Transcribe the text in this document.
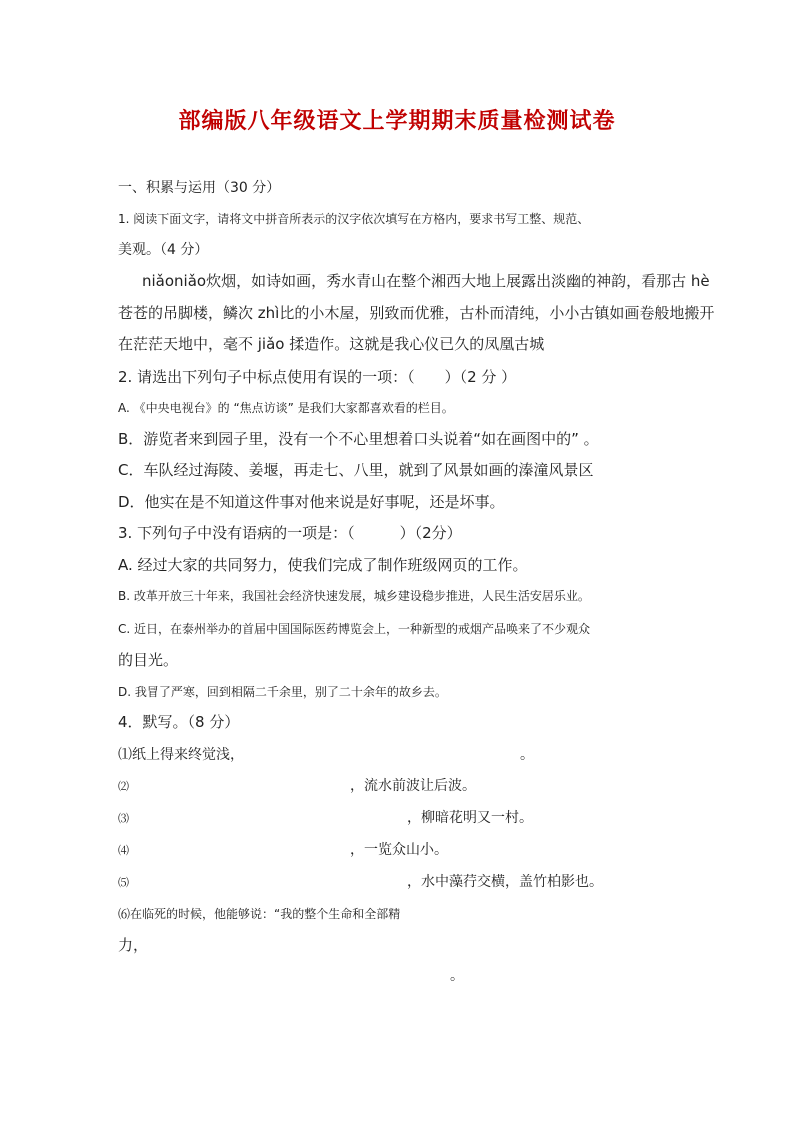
部编版八年级语文上学期期末质量检测试卷
一、积累与运用（30 分）
1. 阅读下面文字，请将文中拼音所表示的汉字依次填写在方格内，要求书写工整、规范、
美观。（4 分）
niǎoniǎo炊烟，如诗如画，秀水青山在整个湘西大地上展露出淡幽的神韵，看那古 hè
苍苍的吊脚楼，鳞次 zhì比的小木屋，别致而优雅，古朴而清纯，小小古镇如画卷般地搬开
在茫茫天地中，毫不 jiǎo 揉造作。这就是我心仪已久的凤凰古城
2. 请选出下列句子中标点使用有误的一项：（　　）（2 分 ）
A. 《中央电视台》的 “焦点访谈” 是我们大家都喜欢看的栏目。
B．游览者来到园子里，没有一个不心里想着口头说着“如在画图中的” 。
C．车队经过海陵、姜堰，再走七、八里，就到了风景如画的溱潼风景区
D．他实在是不知道这件事对他来说是好事呢，还是坏事。
3. 下列句子中没有语病的一项是：（　　　）（2分）
A. 经过大家的共同努力，使我们完成了制作班级网页的工作。
B. 改革开放三十年来，我国社会经济快速发展，城乡建设稳步推进，人民生活安居乐业。
C. 近日，在泰州举办的首届中国国际医药博览会上，一种新型的戒烟产品唤来了不少观众
的目光。
D. 我冒了严寒，回到相隔二千余里，别了二十余年的故乡去。
4．默写。（8 分）
⑴纸上得来终觉浅，	。
⑵	，流水前波让后波。
⑶	，柳暗花明又一村。
⑷	，一览众山小。
⑸	，水中藻荇交横，盖竹柏影也。
⑹在临死的时候，他能够说：“我的整个生命和全部精
力，
。
